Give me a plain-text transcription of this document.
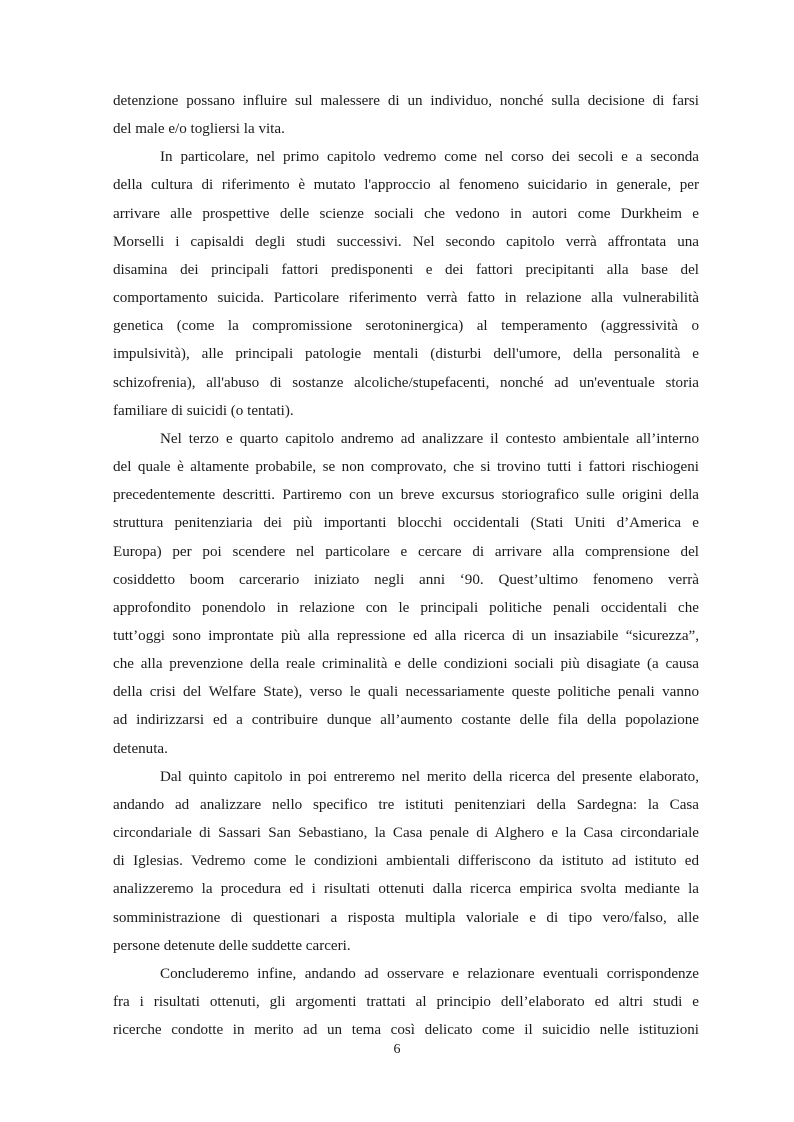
detenzione possano influire sul malessere di un individuo, nonché sulla decisione di farsi
del male e/o togliersi la vita.
In particolare, nel primo capitolo vedremo come nel corso dei secoli e a seconda
della cultura di riferimento è mutato l'approccio al fenomeno suicidario in generale, per
arrivare alle prospettive delle scienze sociali che vedono in autori come Durkheim e
Morselli i capisaldi degli studi successivi. Nel secondo capitolo verrà affrontata una
disamina dei principali fattori predisponenti e dei fattori precipitanti alla base del
comportamento suicida. Particolare riferimento verrà fatto in relazione alla vulnerabilità
genetica (come la compromissione serotoninergica) al temperamento (aggressività o
impulsività), alle principali patologie mentali (disturbi dell'umore, della personalità e
schizofrenia), all'abuso di sostanze alcoliche/stupefacenti, nonché ad un'eventuale storia
familiare di suicidi (o tentati).
Nel terzo e quarto capitolo andremo ad analizzare il contesto ambientale all’interno
del quale è altamente probabile, se non comprovato, che si trovino tutti i fattori rischiogeni
precedentemente descritti. Partiremo con un breve excursus storiografico sulle origini della
struttura penitenziaria dei più importanti blocchi occidentali (Stati Uniti d’America e
Europa) per poi scendere nel particolare e cercare di arrivare alla comprensione del
cosiddetto boom carcerario iniziato negli anni ‘90. Quest’ultimo fenomeno verrà
approfondito ponendolo in relazione con le principali politiche penali occidentali che
tutt’oggi sono improntate più alla repressione ed alla ricerca di un insaziabile “sicurezza”,
che alla prevenzione della reale criminalità e delle condizioni sociali più disagiate (a causa
della crisi del Welfare State), verso le quali necessariamente queste politiche penali vanno
ad indirizzarsi ed a contribuire dunque all’aumento costante delle fila della popolazione
detenuta.
Dal quinto capitolo in poi entreremo nel merito della ricerca del presente elaborato,
andando ad analizzare nello specifico tre istituti penitenziari della Sardegna: la Casa
circondariale di Sassari San Sebastiano, la Casa penale di Alghero e la Casa circondariale
di Iglesias. Vedremo come le condizioni ambientali differiscono da istituto ad istituto ed
analizzeremo la procedura ed i risultati ottenuti dalla ricerca empirica svolta mediante la
somministrazione di questionari a risposta multipla valoriale e di tipo vero/falso, alle
persone detenute delle suddette carceri.
Concluderemo infine, andando ad osservare e relazionare eventuali corrispondenze
fra i risultati ottenuti, gli argomenti trattati al principio dell’elaborato ed altri studi e
ricerche condotte in merito ad un tema così delicato come il suicidio nelle istituzioni
6
